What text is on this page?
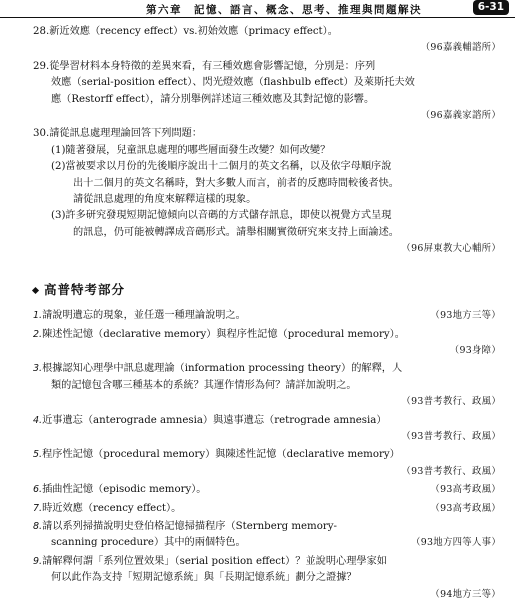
第六章　記憶、語言、概念、思考、推理與問題解決	6-31
28.新近效應（recency effect）vs.初始效應（primacy effect）。
（96嘉義輔諮所）
29.從學習材料本身特徵的差異來看，有三種效應會影響記憶，分別是：序列
效應（serial-position effect）、閃光燈效應（flashbulb effect）及萊斯托夫效
應（Restorff effect），請分別舉例詳述這三種效應及其對記憶的影響。
（96嘉義家諮所）
30.請從訊息處理理論回答下列問題：
(1)隨著發展，兒童訊息處理的哪些層面發生改變？如何改變？
(2)當被要求以月份的先後順序說出十二個月的英文名稱，以及依字母順序說
出十二個月的英文名稱時，對大多數人而言，前者的反應時間較後者快。
請從訊息處理的角度來解釋這樣的現象。
(3)許多研究發現短期記憶傾向以音碼的方式儲存訊息，即使以視覺方式呈現
的訊息，仍可能被轉譯成音碼形式。請舉相關實徵研究來支持上面論述。
（96屏東教大心輔所）
高普特考部分
1.請說明遺忘的現象，並任選一種理論說明之。	（93地方三等）
2.陳述性記憶（declarative memory）與程序性記憶（procedural memory）。
（93身障）
3.根據認知心理學中訊息處理論（information processing theory）的解釋，人
類的記憶包含哪三種基本的系統？其運作情形為何？請詳加說明之。
（93普考教行、政風）
4.近事遺忘（anterograde amnesia）與遠事遺忘（retrograde amnesia）
（93普考教行、政風）
5.程序性記憶（procedural memory）與陳述性記憶（declarative memory）
（93普考教行、政風）
6.插曲性記憶（episodic memory）。	（93高考政風）
7.時近效應（recency effect）。	（93高考政風）
8.請以系列掃描說明史登伯格記憶掃描程序（Sternberg memory-
scanning procedure）其中的兩個特色。	（93地方四等人事）
9.請解釋何謂「系列位置效果」（serial position effect）？並說明心理學家如
何以此作為支持「短期記憶系統」與「長期記憶系統」劃分之證據？
（94地方三等）
